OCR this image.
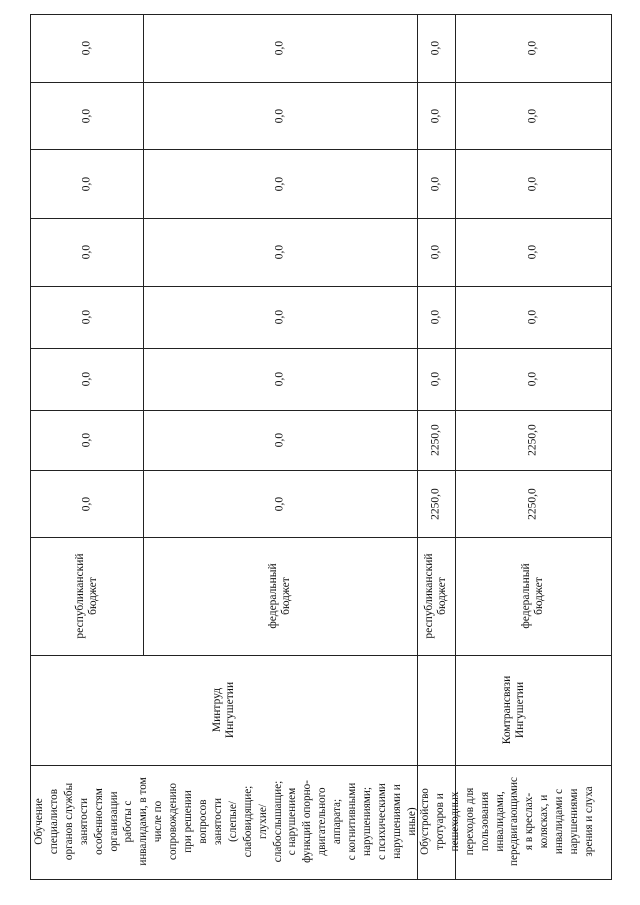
0,0
0,0
0,0
0,0
0,0
0,0
0,0
0,0
республиканский
бюджет
0,0
0,0
0,0
0,0
0,0
0,0
0,0
0,0
федеральный
бюджет
Минтруд
Ингушетии
Обучение
специалистов
органов службы
занятости
особенностям
организации
работы с
инвалидами, в том
числе по
сопровождению
при решении
вопросов
занятости
(слепые/
слабовидящие;
глухие/
слабослышащие;
с нарушением
функций опорно-
двигательного
аппарата;
с когнитивными
нарушениями;
с психическими
нарушениями и
иные)
0,0
0,0
0,0
0,0
0,0
0,0
2250,0
2250,0
республиканский
бюджет
0,0
0,0
0,0
0,0
0,0
0,0
2250,0
2250,0
федеральный
бюджет
Комтрансвязи
Ингушетии
Обустройство
тротуаров и
пешеходных
переходов для
пользования
инвалидами,
передвигающимис
я в креслах-
колясках, и
инвалидами с
нарушениями
зрения и слуха
